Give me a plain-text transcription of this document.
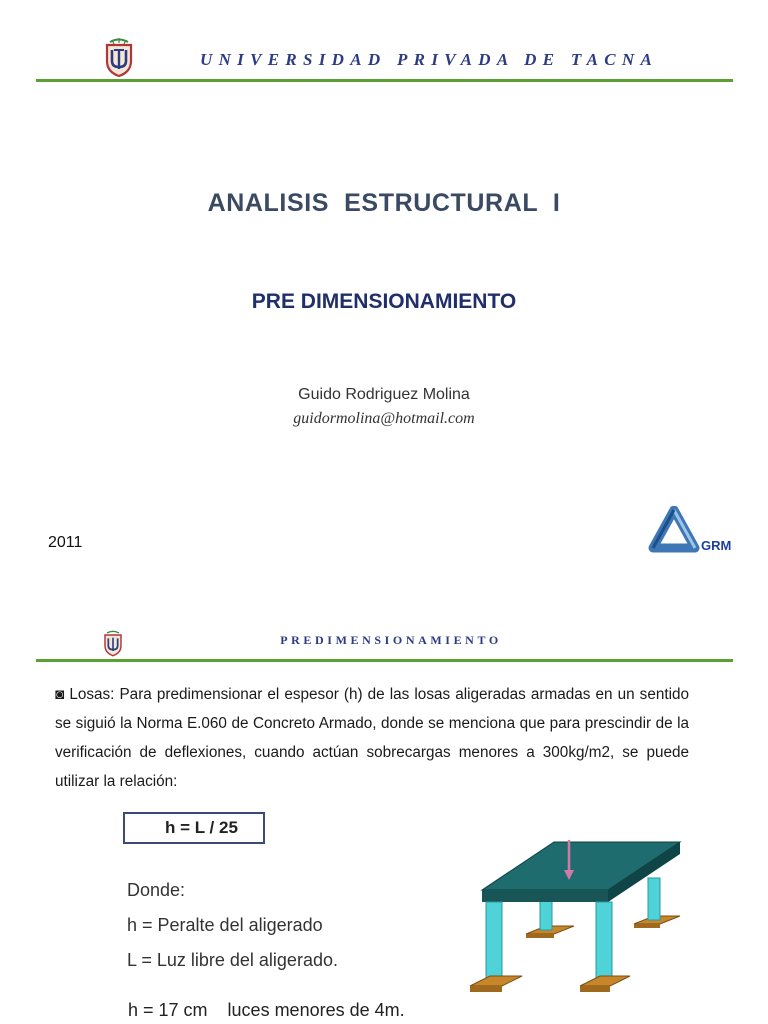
UNIVERSIDAD PRIVADA DE TACNA
ANALISIS  ESTRUCTURAL  I
PRE DIMENSIONAMIENTO
Guido Rodriguez Molina
guidormolina@hotmail.com
2011	GRM
PREDIMENSIONAMIENTO
◙ Losas: Para predimensionar el espesor (h) de las losas aligeradas armadas en un sentido se siguió la Norma E.060 de Concreto Armado, donde se menciona que para prescindir de la verificación de deflexiones, cuando actúan sobrecargas menores a 300kg/m2, se puede utilizar la relación:
h = L / 25
Donde:
h = Peralte del aligerado
L = Luz libre del aligerado.
h = 17 cm    luces menores de 4m.
